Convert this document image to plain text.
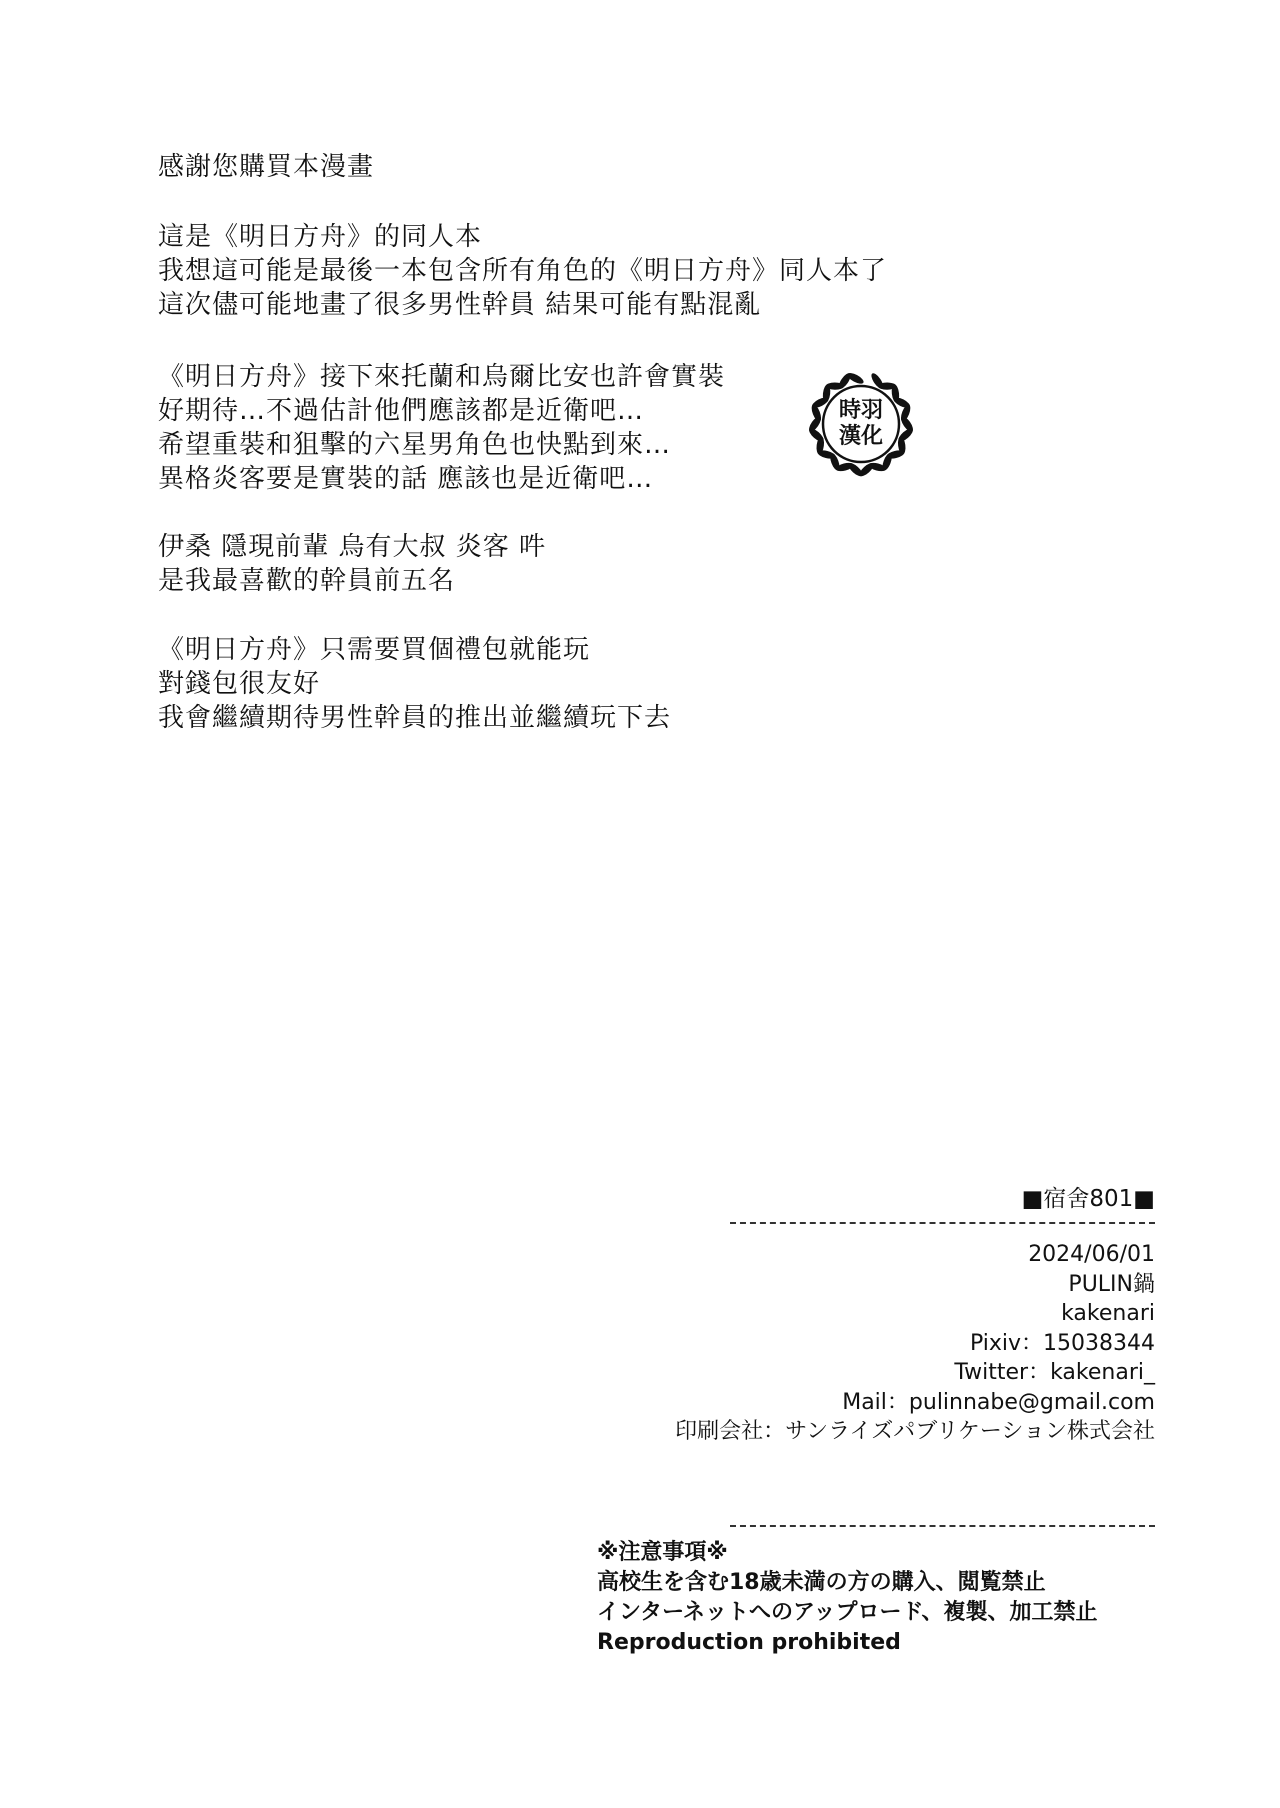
感謝您購買本漫畫
這是《明日方舟》的同人本
我想這可能是最後一本包含所有角色的《明日方舟》同人本了
這次儘可能地畫了很多男性幹員 結果可能有點混亂
《明日方舟》接下來托蘭和烏爾比安也許會實裝
好期待…不過估計他們應該都是近衛吧…
希望重裝和狙擊的六星男角色也快點到來…
異格炎客要是實裝的話 應該也是近衛吧…
伊桑 隱現前輩 烏有大叔 炎客 吽
是我最喜歡的幹員前五名
《明日方舟》只需要買個禮包就能玩
對錢包很友好
我會繼續期待男性幹員的推出並繼續玩下去
時羽
漢化
■宿舍801■
2024/06/01
PULIN鍋
kakenari
Pixiv：15038344
Twitter：kakenari_
Mail：pulinnabe@gmail.com
印刷会社：サンライズパブリケーション株式会社
※注意事項※
高校生を含む18歳未満の方の購入、閲覧禁止
インターネットへのアップロード、複製、加工禁止
Reproduction prohibited
